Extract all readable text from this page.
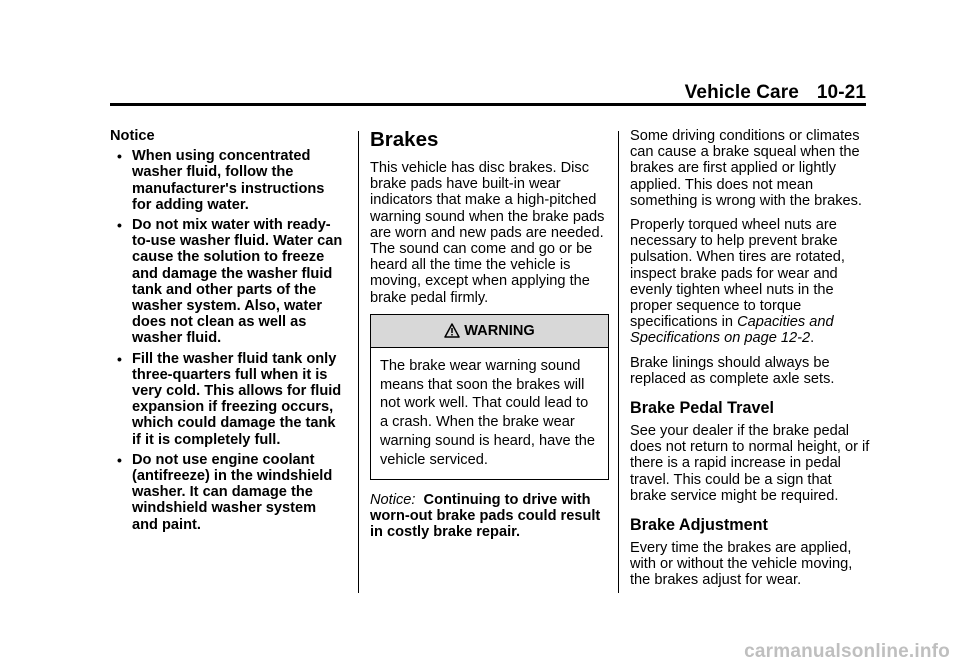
Vehicle Care 10-21
Notice
• When using concentrated washer fluid, follow the manufacturer's instructions for adding water.
• Do not mix water with ready-to-use washer fluid. Water can cause the solution to freeze and damage the washer fluid tank and other parts of the washer system. Also, water does not clean as well as washer fluid.
• Fill the washer fluid tank only three-quarters full when it is very cold. This allows for fluid expansion if freezing occurs, which could damage the tank if it is completely full.
• Do not use engine coolant (antifreeze) in the windshield washer. It can damage the windshield washer system and paint.
Brakes

This vehicle has disc brakes. Disc brake pads have built-in wear indicators that make a high-pitched warning sound when the brake pads are worn and new pads are needed. The sound can come and go or be heard all the time the vehicle is moving, except when applying the brake pedal firmly.

WARNING
The brake wear warning sound means that soon the brakes will not work well. That could lead to a crash. When the brake wear warning sound is heard, have the vehicle serviced.

Notice: Continuing to drive with worn-out brake pads could result in costly brake repair.

Some driving conditions or climates can cause a brake squeal when the brakes are first applied or lightly applied. This does not mean something is wrong with the brakes.

Properly torqued wheel nuts are necessary to help prevent brake pulsation. When tires are rotated, inspect brake pads for wear and evenly tighten wheel nuts in the proper sequence to torque specifications in Capacities and Specifications on page 12-2.

Brake linings should always be replaced as complete axle sets.

Brake Pedal Travel

See your dealer if the brake pedal does not return to normal height, or if there is a rapid increase in pedal travel. This could be a sign that brake service might be required.

Brake Adjustment

Every time the brakes are applied, with or without the vehicle moving, the brakes adjust for wear.

carmanualsonline.info
